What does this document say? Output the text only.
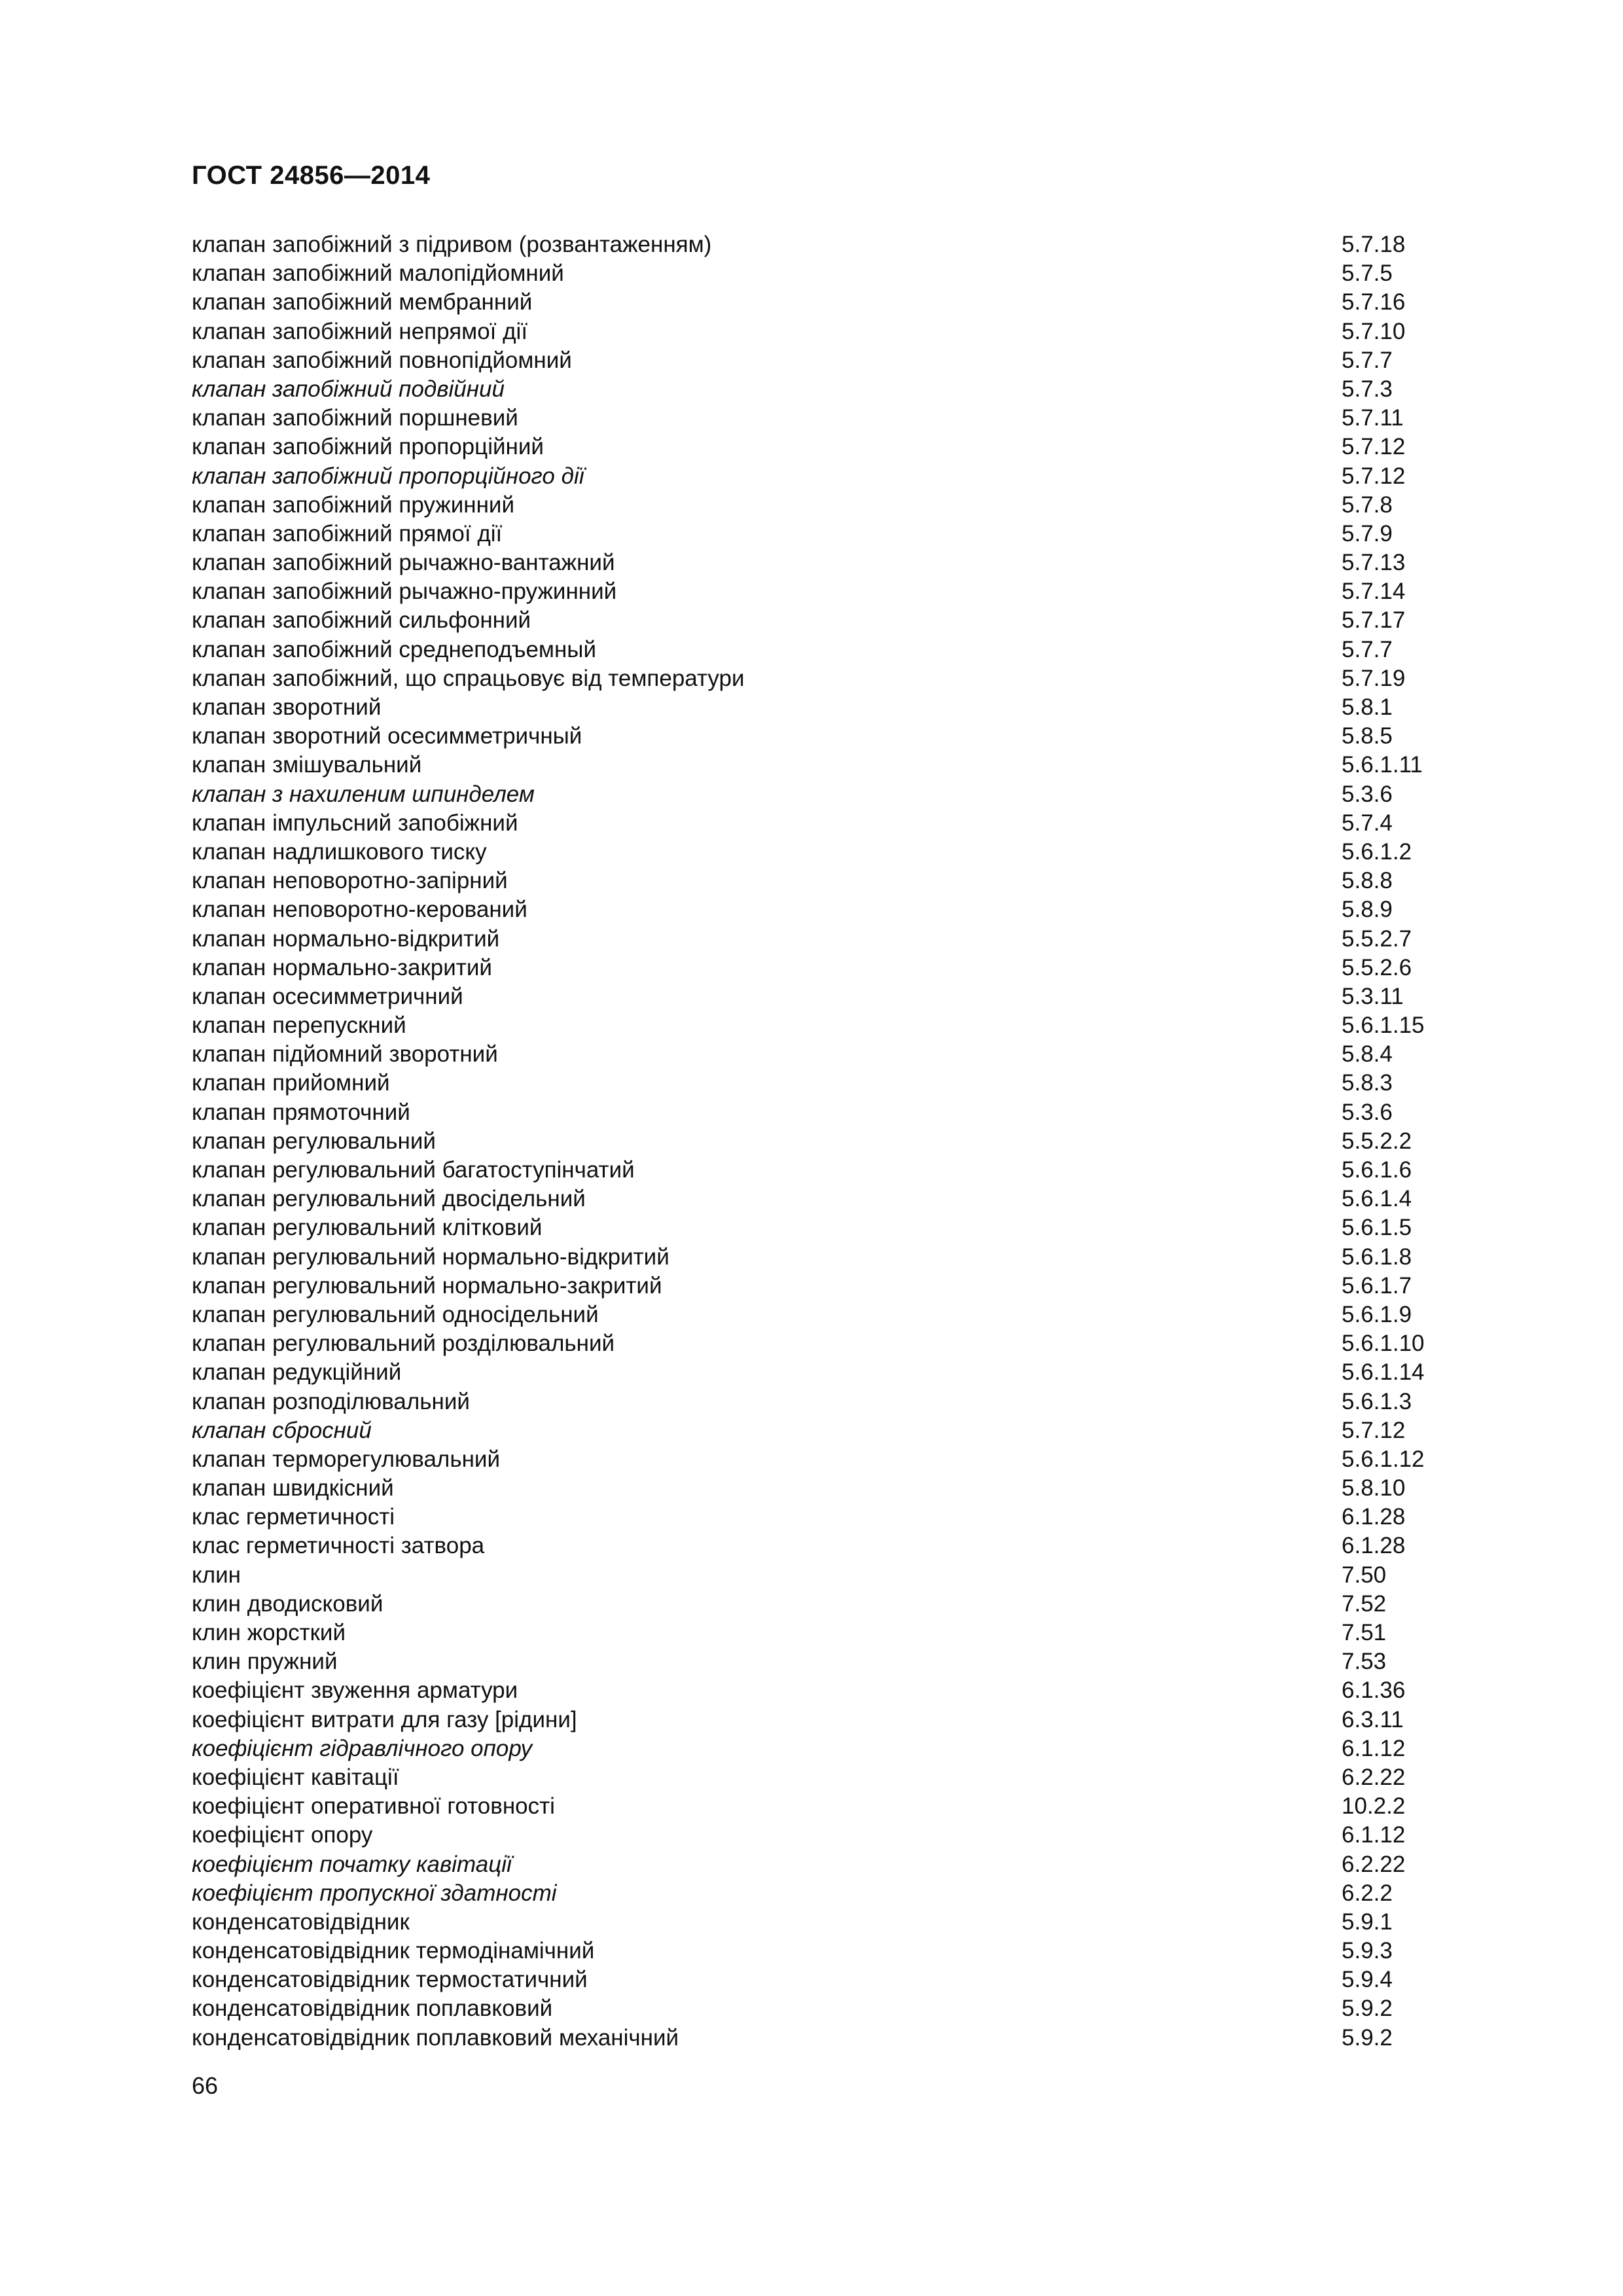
ГОСТ 24856—2014
клапан запобіжний з підривом (розвантаженням)	5.7.18
клапан запобіжний малопідйомний	5.7.5
клапан запобіжний мембранний	5.7.16
клапан запобіжний непрямої дії	5.7.10
клапан запобіжний повнопідйомний	5.7.7
клапан запобіжний подвійний	5.7.3
клапан запобіжний поршневий	5.7.11
клапан запобіжний пропорційний	5.7.12
клапан запобіжний пропорційного дії	5.7.12
клапан запобіжний пружинний	5.7.8
клапан запобіжний прямої дії	5.7.9
клапан запобіжний рычажно-вантажний	5.7.13
клапан запобіжний рычажно-пружинний	5.7.14
клапан запобіжний сильфонний	5.7.17
клапан запобіжний среднеподъемный	5.7.7
клапан запобіжний, що спрацьовує від температури	5.7.19
клапан зворотний	5.8.1
клапан зворотний осесимметричный	5.8.5
клапан змішувальний	5.6.1.11
клапан з нахиленим шпинделем	5.3.6
клапан імпульсний запобіжний	5.7.4
клапан надлишкового тиску	5.6.1.2
клапан неповоротно-запірний	5.8.8
клапан неповоротно-керований	5.8.9
клапан нормально-відкритий	5.5.2.7
клапан нормально-закритий	5.5.2.6
клапан осесимметричний	5.3.11
клапан перепускний	5.6.1.15
клапан підйомний зворотний	5.8.4
клапан прийомний	5.8.3
клапан прямоточний	5.3.6
клапан регулювальний	5.5.2.2
клапан регулювальний багатоступінчатий	5.6.1.6
клапан регулювальний двосідельний	5.6.1.4
клапан регулювальний клітковий	5.6.1.5
клапан регулювальний нормально-відкритий	5.6.1.8
клапан регулювальний нормально-закритий	5.6.1.7
клапан регулювальний односідельний	5.6.1.9
клапан регулювальний розділювальний	5.6.1.10
клапан редукційний	5.6.1.14
клапан розподілювальний	5.6.1.3
клапан сбросний	5.7.12
клапан терморегулювальний	5.6.1.12
клапан швидкісний	5.8.10
клас герметичності	6.1.28
клас герметичності затвора	6.1.28
клин	7.50
клин дводисковий	7.52
клин жорсткий	7.51
клин пружний	7.53
коефіцієнт звуження арматури	6.1.36
коефіцієнт витрати для газу [рідини]	6.3.11
коефіцієнт гідравлічного опору	6.1.12
коефіцієнт кавітації	6.2.22
коефіцієнт оперативної готовності	10.2.2
коефіцієнт опору	6.1.12
коефіцієнт початку кавітації	6.2.22
коефіцієнт пропускної здатності	6.2.2
конденсатовідвідник	5.9.1
конденсатовідвідник термодінамічний	5.9.3
конденсатовідвідник термостатичний	5.9.4
конденсатовідвідник поплавковий	5.9.2
конденсатовідвідник поплавковий механічний	5.9.2
66
